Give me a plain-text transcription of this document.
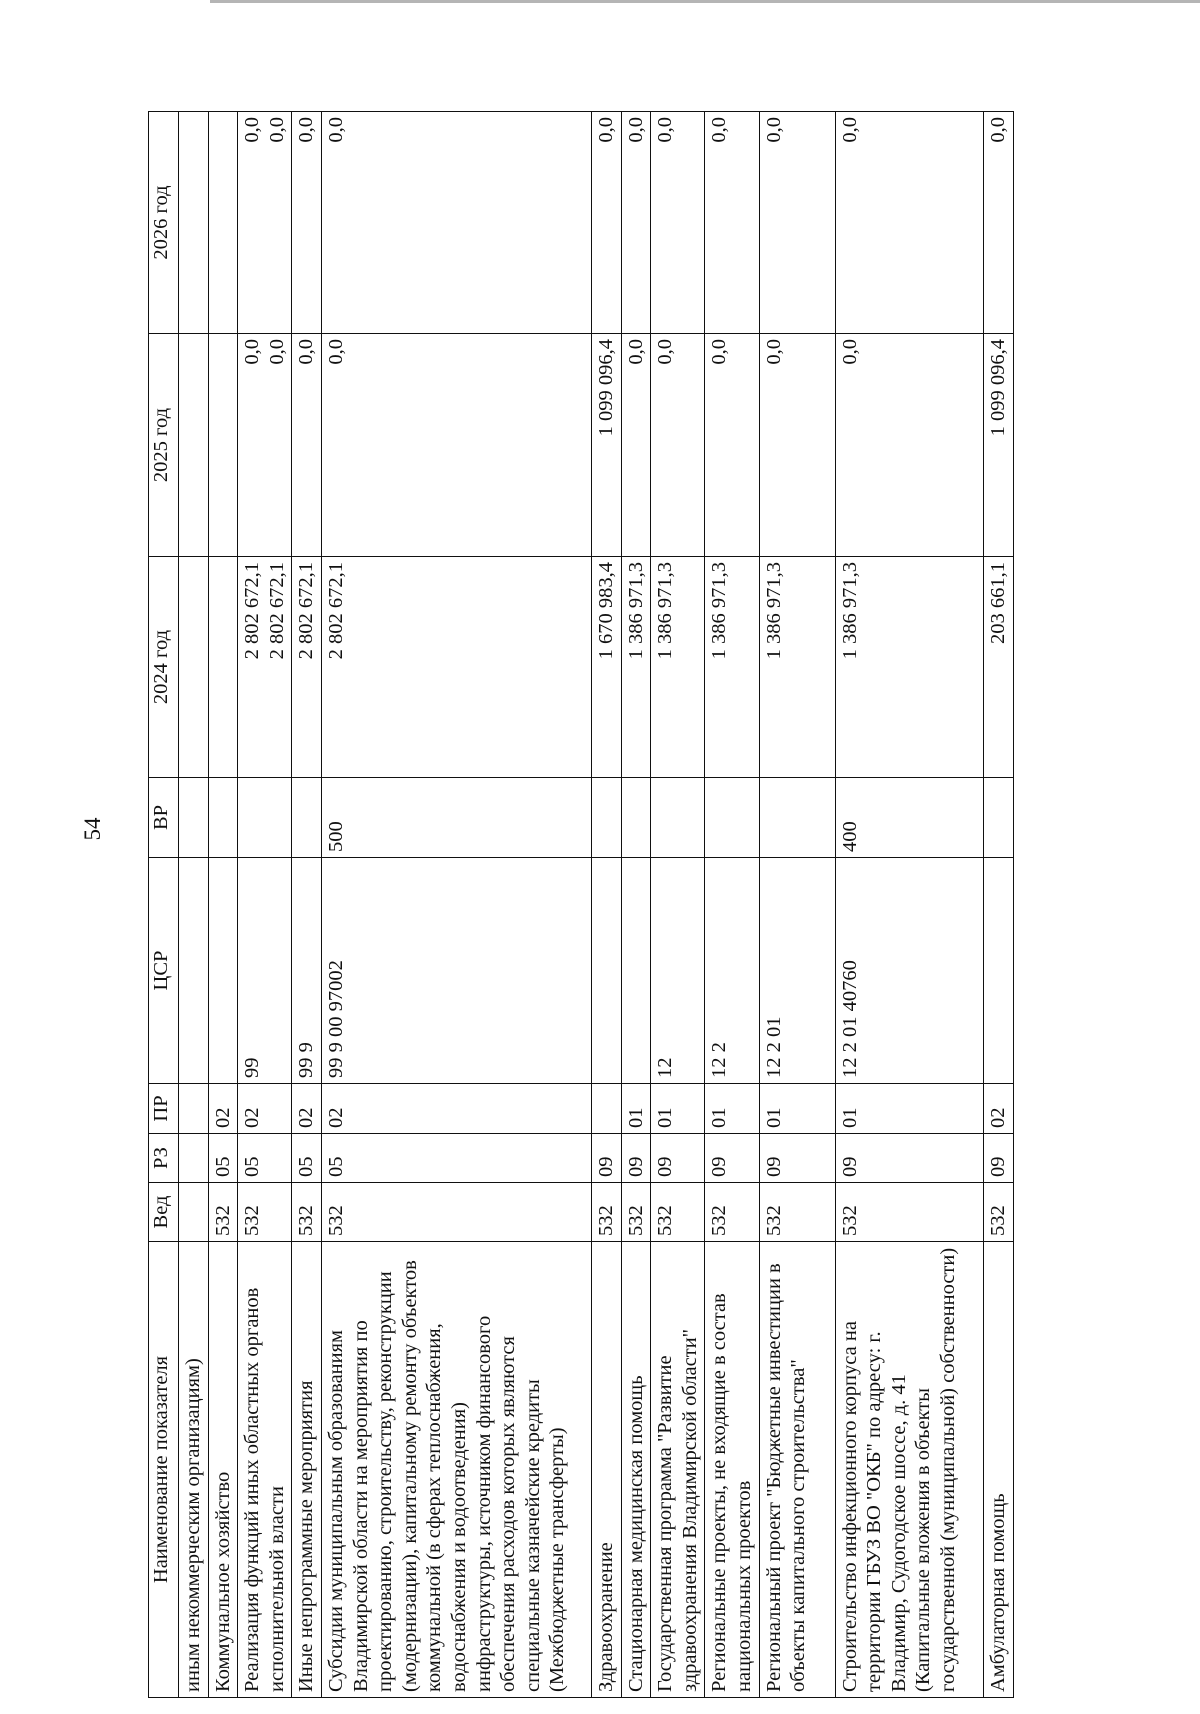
54
Наименование показателя	Вед	РЗ	ПР	ЦСР	ВР	2024 год	2025 год	2026 год
иным некоммерческим организациям)								
Коммунальное хозяйство	532	05	02					
Реализация функций иных областных органов исполнительной власти	532	05	02	99		2 802 672,1 2 802 672,1	0,0 0,0	0,0 0,0
Иные непрограммные мероприятия	532	05	02	99 9		2 802 672,1	0,0	0,0
Субсидии муниципальным образованиям Владимирской области на мероприятия по проектированию, строительству, реконструкции (модернизации), капитальному ремонту объектов коммунальной (в сферах теплоснабжения, водоснабжения и водоотведения) инфраструктуры, источником финансового обеспечения расходов которых являются специальные казначейские кредиты (Межбюджетные трансферты)	532	05	02	99 9 00 97002	500	2 802 672,1	0,0	0,0
Здравоохранение	532	09				1 670 983,4	1 099 096,4	0,0
Стационарная медицинская помощь	532	09	01			1 386 971,3	0,0	0,0
Государственная программа "Развитие здравоохранения Владимирской области"	532	09	01	12		1 386 971,3	0,0	0,0
Региональные проекты, не входящие в состав национальных проектов	532	09	01	12 2		1 386 971,3	0,0	0,0
Региональный проект "Бюджетные инвестиции в объекты капитального строительства"	532	09	01	12 2 01		1 386 971,3	0,0	0,0
Строительство инфекционного корпуса на территории ГБУЗ ВО "ОКБ" по адресу: г. Владимир, Судогодское шоссе, д. 41 (Капитальные вложения в объекты государственной (муниципальной) собственности)	532	09	01	12 2 01 40760	400	1 386 971,3	0,0	0,0
Амбулаторная помощь	532	09	02			203 661,1	1 099 096,4	0,0
